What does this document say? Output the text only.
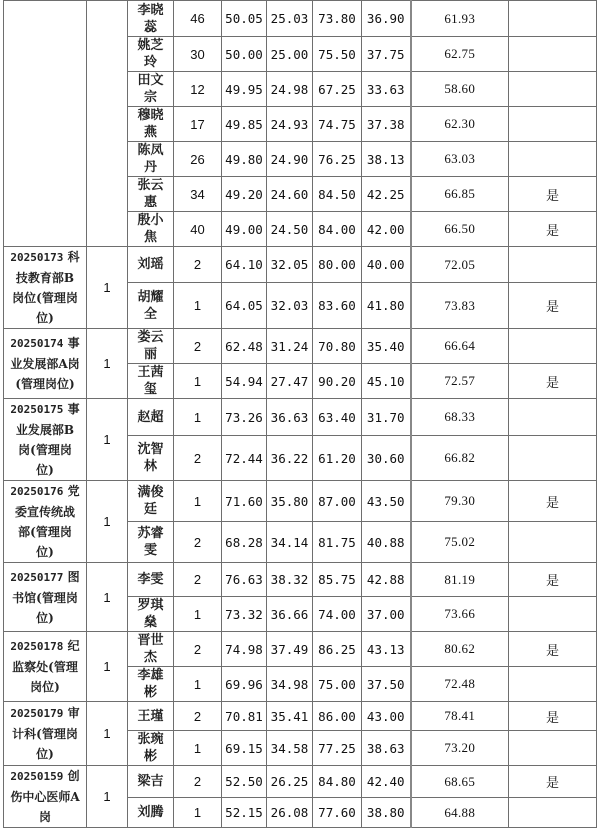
		李晓蕊	46	50.05	25.03	73.80	36.90	61.93	
		姚芝玲	30	50.00	25.00	75.50	37.75	62.75	
		田文宗	12	49.95	24.98	67.25	33.63	58.60	
		穆晓燕	17	49.85	24.93	74.75	37.38	62.30	
		陈凤丹	26	49.80	24.90	76.25	38.13	63.03	
		张云惠	34	49.20	24.60	84.50	42.25	66.85	是
		殷小焦	40	49.00	24.50	84.00	42.00	66.50	是
20250173 科技教育部B岗位(管理岗位)	1	刘瑶	2	64.10	32.05	80.00	40.00	72.05	
		胡耀全	1	64.05	32.03	83.60	41.80	73.83	是
20250174 事业发展部A岗(管理岗位)	1	娄云丽	2	62.48	31.24	70.80	35.40	66.64	
		王茜玺	1	54.94	27.47	90.20	45.10	72.57	是
20250175 事业发展部B岗(管理岗位)	1	赵超	1	73.26	36.63	63.40	31.70	68.33	
		沈智林	2	72.44	36.22	61.20	30.60	66.82	
20250176 党委宣传统战部(管理岗位)	1	满俊廷	1	71.60	35.80	87.00	43.50	79.30	是
		苏睿雯	2	68.28	34.14	81.75	40.88	75.02	
20250177 图书馆(管理岗位)	1	李雯	2	76.63	38.32	85.75	42.88	81.19	是
		罗琪燊	1	73.32	36.66	74.00	37.00	73.66	
20250178 纪监察处(管理岗位)	1	晋世杰	2	74.98	37.49	86.25	43.13	80.62	是
		李雄彬	1	69.96	34.98	75.00	37.50	72.48	
20250179 审计科(管理岗位)	1	王瑾	2	70.81	35.41	86.00	43.00	78.41	是
		张琬彬	1	69.15	34.58	77.25	38.63	73.20	
20250159 创伤中心医师A岗	1	梁吉	2	52.50	26.25	84.80	42.40	68.65	是
		刘腾	1	52.15	26.08	77.60	38.80	64.88	
